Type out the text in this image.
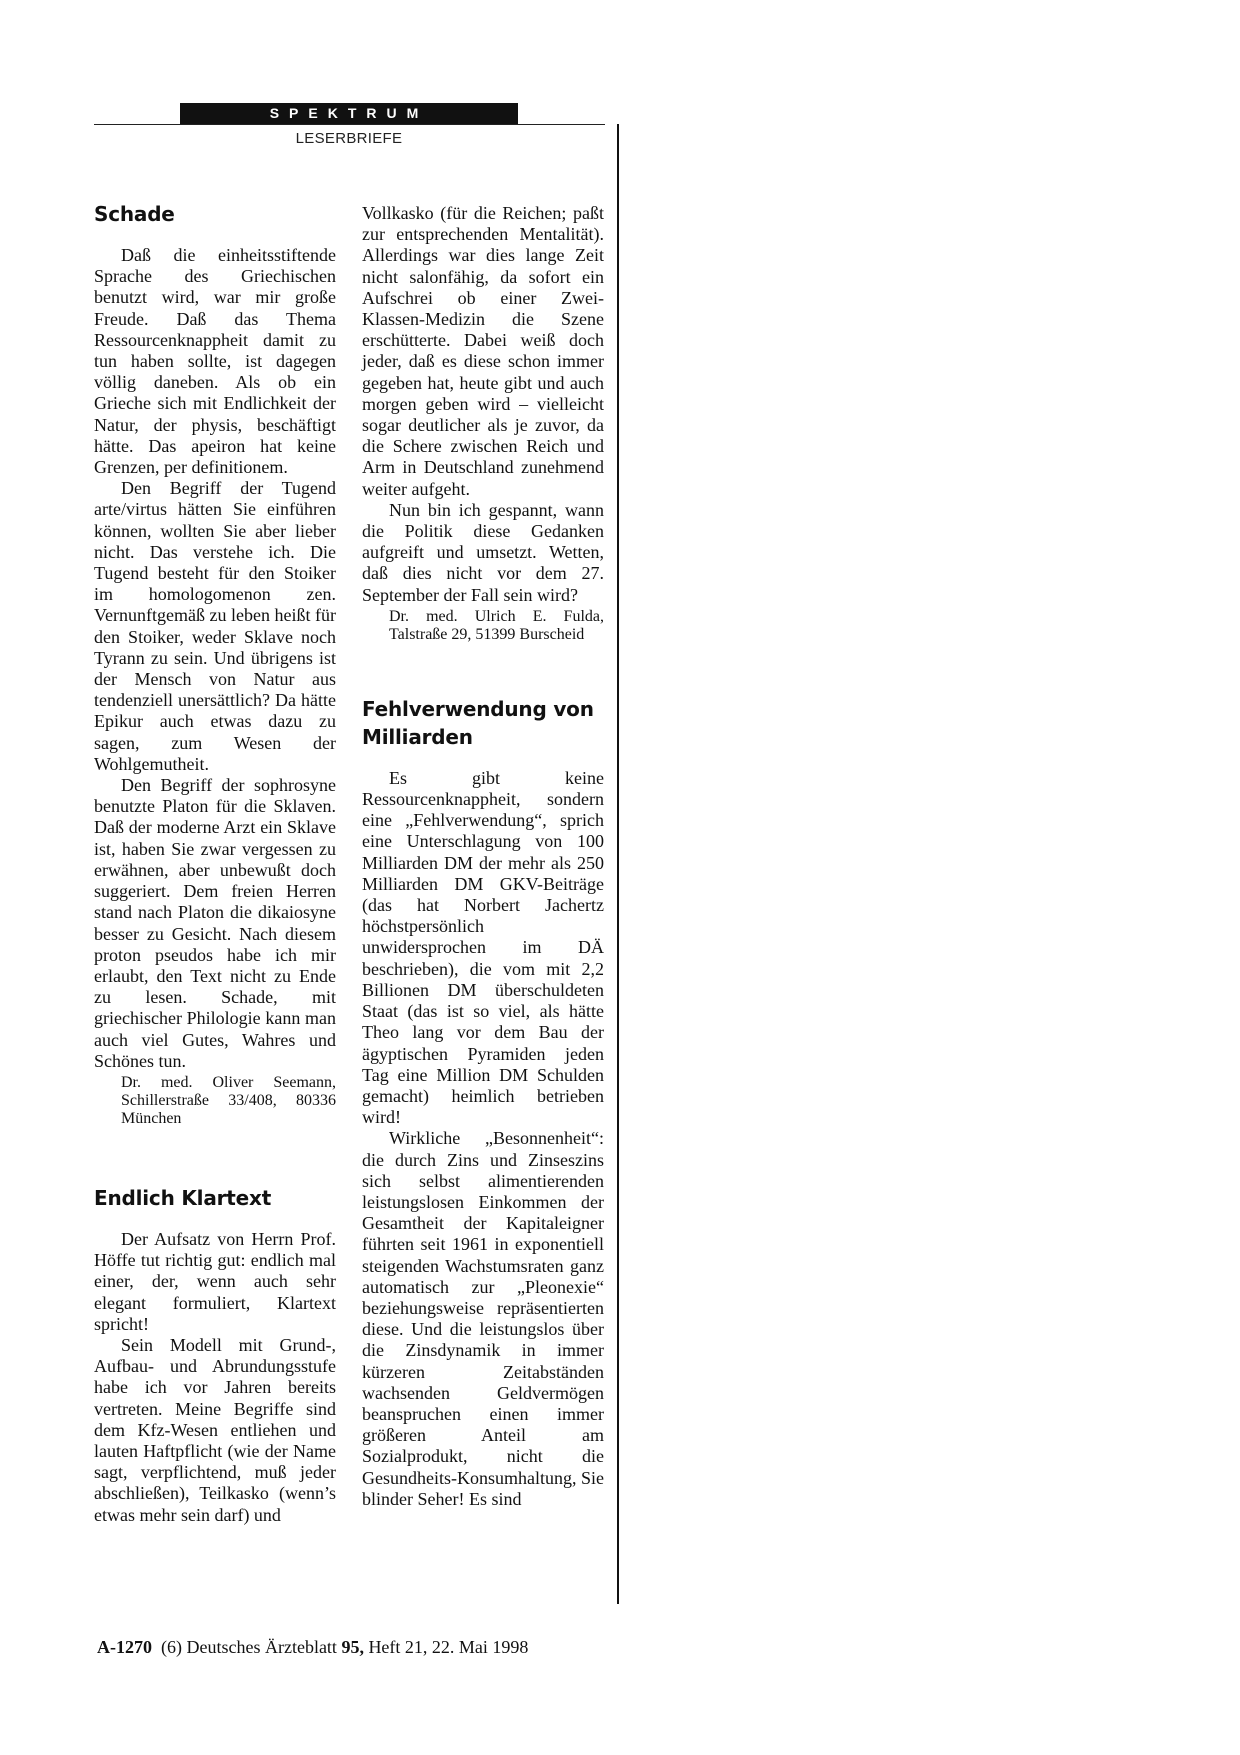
SPEKTRUM
LESERBRIEFE
Schade

Daß die einheitsstiftende Sprache des Griechischen benutzt wird, war mir große Freude. Daß das Thema Ressourcenknappheit damit zu tun haben sollte, ist dagegen völlig daneben. Als ob ein Grieche sich mit Endlichkeit der Natur, der physis, beschäftigt hätte. Das apeiron hat keine Grenzen, per definitionem.

Den Begriff der Tugend arte/virtus hätten Sie einführen können, wollten Sie aber lieber nicht. Das verstehe ich. Die Tugend besteht für den Stoiker im homologomenon zen. Vernunftgemäß zu leben heißt für den Stoiker, weder Sklave noch Tyrann zu sein. Und übrigens ist der Mensch von Natur aus tendenziell unersättlich? Da hätte Epikur auch etwas dazu zu sagen, zum Wesen der Wohlgemutheit.

Den Begriff der sophrosyne benutzte Platon für die Sklaven. Daß der moderne Arzt ein Sklave ist, haben Sie zwar vergessen zu erwähnen, aber unbewußt doch suggeriert. Dem freien Herren stand nach Platon die dikaiosyne besser zu Gesicht. Nach diesem proton pseudos habe ich mir erlaubt, den Text nicht zu Ende zu lesen. Schade, mit griechischer Philologie kann man auch viel Gutes, Wahres und Schönes tun.

Dr. med. Oliver Seemann, Schillerstraße 33/408, 80336 München
Endlich Klartext

Der Aufsatz von Herrn Prof. Höffe tut richtig gut: endlich mal einer, der, wenn auch sehr elegant formuliert, Klartext spricht!

Sein Modell mit Grund-, Aufbau- und Abrundungsstufe habe ich vor Jahren bereits vertreten. Meine Begriffe sind dem Kfz-Wesen entliehen und lauten Haftpflicht (wie der Name sagt, verpflichtend, muß jeder abschließen), Teilkasko (wenn’s etwas mehr sein darf) und

Vollkasko (für die Reichen; paßt zur entsprechenden Mentalität). Allerdings war dies lange Zeit nicht salonfähig, da sofort ein Aufschrei ob einer Zwei-Klassen-Medizin die Szene erschütterte. Dabei weiß doch jeder, daß es diese schon immer gegeben hat, heute gibt und auch morgen geben wird – vielleicht sogar deutlicher als je zuvor, da die Schere zwischen Reich und Arm in Deutschland zunehmend weiter aufgeht.

Nun bin ich gespannt, wann die Politik diese Gedanken aufgreift und umsetzt. Wetten, daß dies nicht vor dem 27. September der Fall sein wird?

Dr. med. Ulrich E. Fulda, Talstraße 29, 51399 Burscheid
Fehlverwendung von Milliarden

Es gibt keine Ressourcenknappheit, sondern eine „Fehlverwendung“, sprich eine Unterschlagung von 100 Milliarden DM der mehr als 250 Milliarden DM GKV-Beiträge (das hat Norbert Jachertz höchstpersönlich unwidersprochen im DÄ beschrieben), die vom mit 2,2 Billionen DM überschuldeten Staat (das ist so viel, als hätte Theo lang vor dem Bau der ägyptischen Pyramiden jeden Tag eine Million DM Schulden gemacht) heimlich betrieben wird!

Wirkliche „Besonnenheit“: die durch Zins und Zinseszins sich selbst alimentierenden leistungslosen Einkommen der Gesamtheit der Kapitaleigner führten seit 1961 in exponentiell steigenden Wachstumsraten ganz automatisch zur „Pleonexie“ beziehungsweise repräsentierten diese. Und die leistungslos über die Zinsdynamik in immer kürzeren Zeitabständen wachsenden Geldvermögen beanspruchen einen immer größeren Anteil am Sozialprodukt, nicht die Gesundheits-Konsumhaltung, Sie blinder Seher! Es sind

A-1270 (6) Deutsches Ärzteblatt 95, Heft 21, 22. Mai 1998
